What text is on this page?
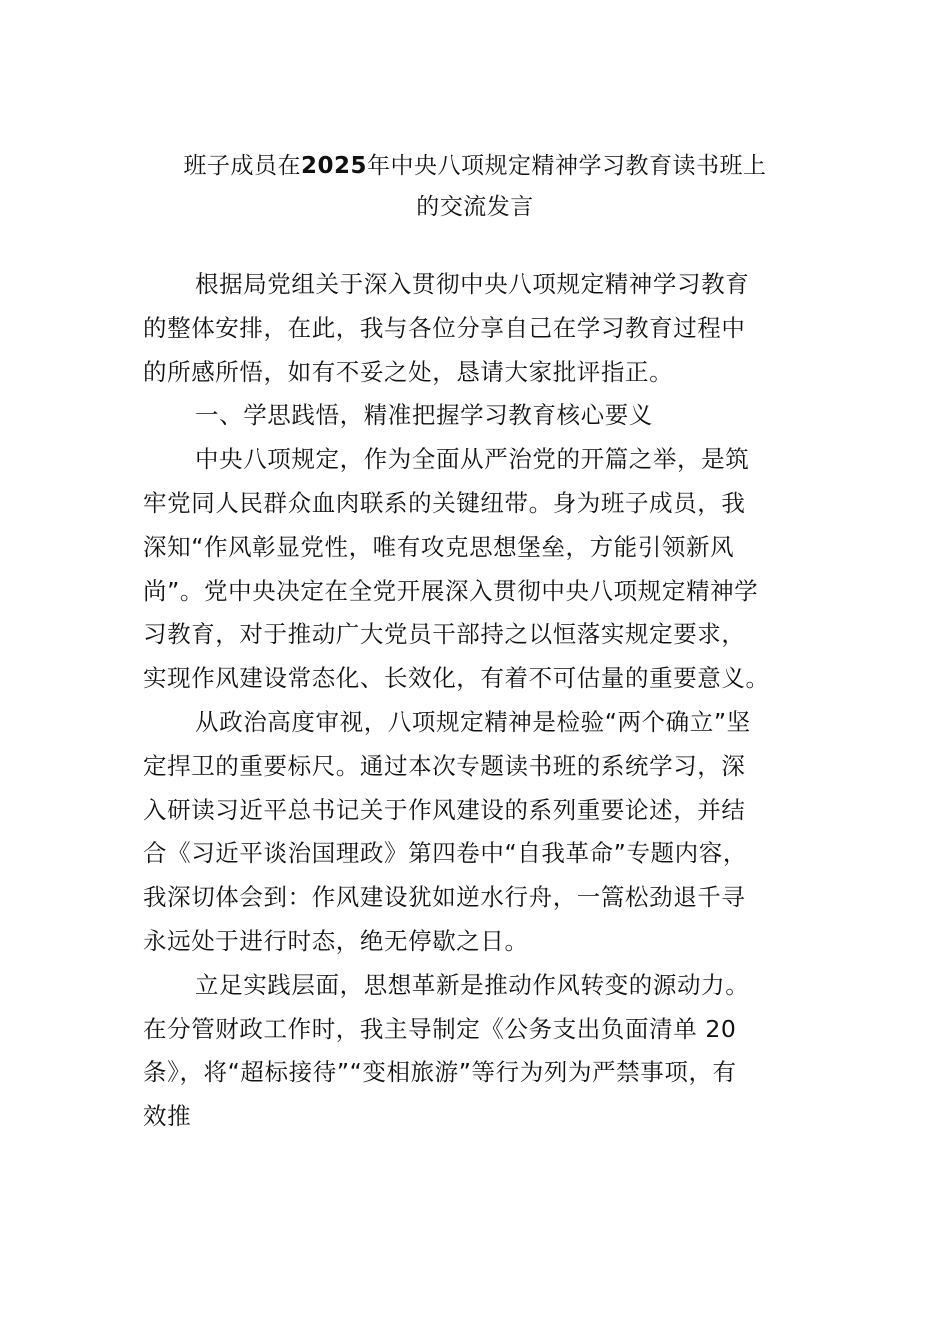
班子成员在2025年中央八项规定精神学习教育读书班上
的交流发言
根据局党组关于深入贯彻中央八项规定精神学习教育
的整体安排，在此，我与各位分享自己在学习教育过程中
的所感所悟，如有不妥之处，恳请大家批评指正。
一、学思践悟，精准把握学习教育核心要义
中央八项规定，作为全面从严治党的开篇之举，是筑
牢党同人民群众血肉联系的关键纽带。身为班子成员，我
深知“作风彰显党性，唯有攻克思想堡垒，方能引领新风
尚”。党中央决定在全党开展深入贯彻中央八项规定精神学
习教育，对于推动广大党员干部持之以恒落实规定要求，
实现作风建设常态化、长效化，有着不可估量的重要意义。
从政治高度审视，八项规定精神是检验“两个确立”坚
定捍卫的重要标尺。通过本次专题读书班的系统学习，深
入研读习近平总书记关于作风建设的系列重要论述，并结
合《习近平谈治国理政》第四卷中“自我革命”专题内容，
我深切体会到：作风建设犹如逆水行舟，一篙松劲退千寻
永远处于进行时态，绝无停歇之日。
立足实践层面，思想革新是推动作风转变的源动力。
在分管财政工作时，我主导制定《公务支出负面清单 20
条》，将“超标接待”“变相旅游”等行为列为严禁事项，有
效推
